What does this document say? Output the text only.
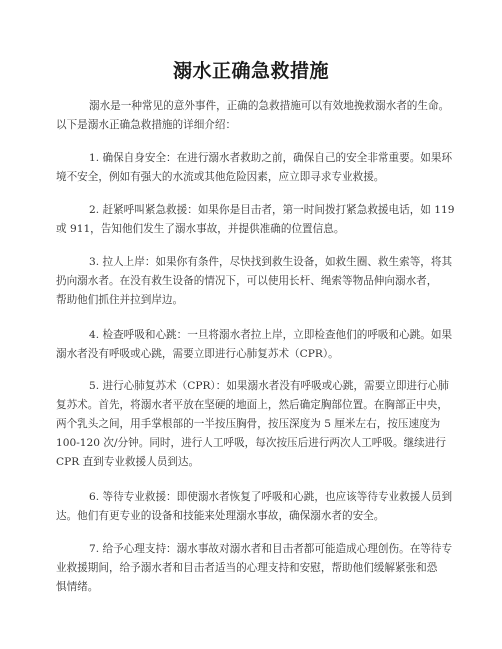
溺水正确急救措施
溺水是一种常见的意外事件，正确的急救措施可以有效地挽救溺水者的生命。
以下是溺水正确急救措施的详细介绍：
1. 确保自身安全：在进行溺水者救助之前，确保自己的安全非常重要。如果环
境不安全，例如有强大的水流或其他危险因素，应立即寻求专业救援。
2. 赶紧呼叫紧急救援：如果你是目击者，第一时间拨打紧急救援电话，如 119
或 911，告知他们发生了溺水事故，并提供准确的位置信息。
3. 拉人上岸：如果你有条件，尽快找到救生设备，如救生圈、救生索等，将其
扔向溺水者。在没有救生设备的情况下，可以使用长杆、绳索等物品伸向溺水者，
帮助他们抓住并拉到岸边。
4. 检查呼吸和心跳：一旦将溺水者拉上岸，立即检查他们的呼吸和心跳。如果
溺水者没有呼吸或心跳，需要立即进行心肺复苏术（CPR）。
5. 进行心肺复苏术（CPR）：如果溺水者没有呼吸或心跳，需要立即进行心肺
复苏术。首先，将溺水者平放在坚硬的地面上，然后确定胸部位置。在胸部正中央，
两个乳头之间，用手掌根部的一半按压胸骨，按压深度为 5 厘米左右，按压速度为
100-120 次/分钟。同时，进行人工呼吸，每次按压后进行两次人工呼吸。继续进行
CPR 直到专业救援人员到达。
6. 等待专业救援：即使溺水者恢复了呼吸和心跳，也应该等待专业救援人员到
达。他们有更专业的设备和技能来处理溺水事故，确保溺水者的安全。
7. 给予心理支持：溺水事故对溺水者和目击者都可能造成心理创伤。在等待专
业救援期间，给予溺水者和目击者适当的心理支持和安慰，帮助他们缓解紧张和恐
惧情绪。
